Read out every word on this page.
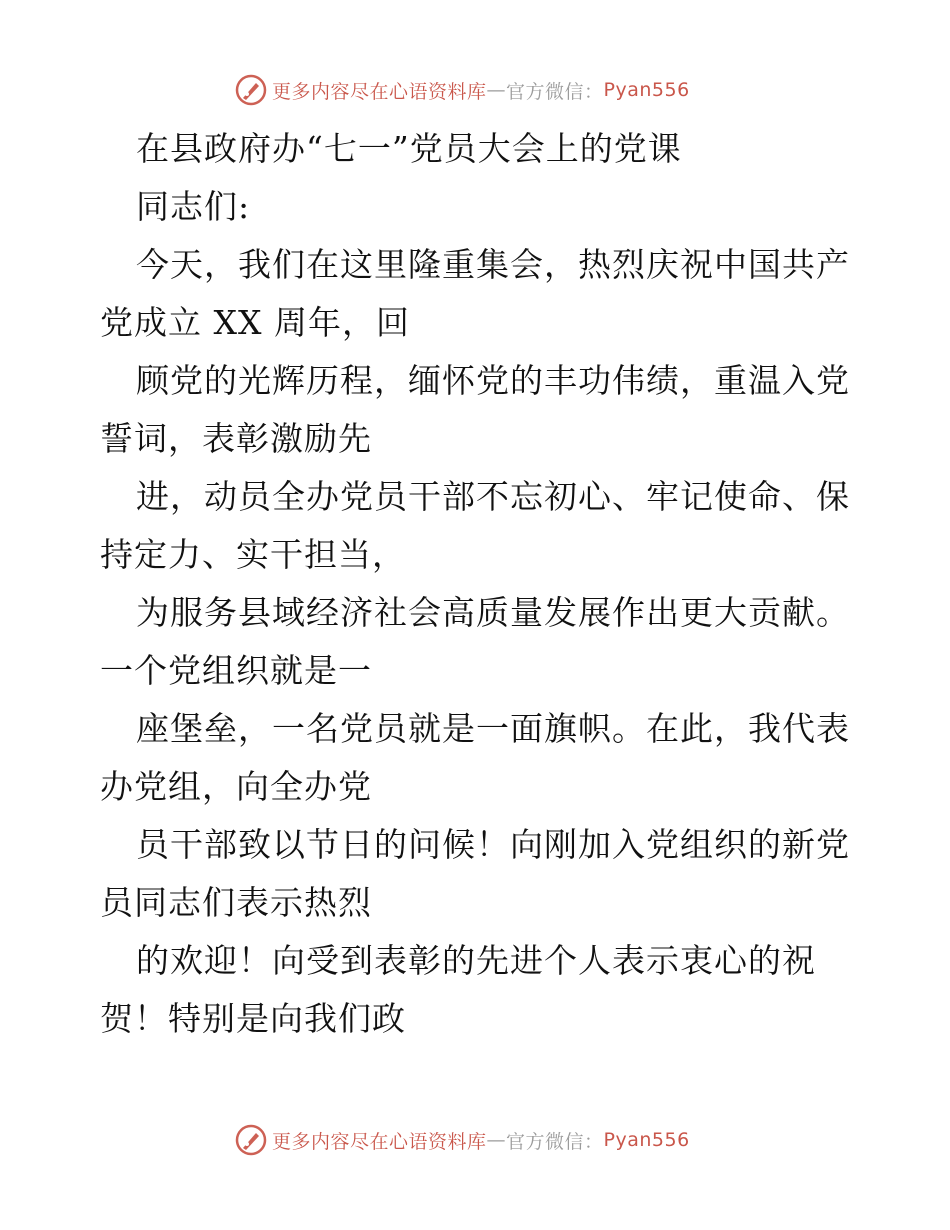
更多内容尽在心语资料库 — 官方微信： Pyan556
在县政府办“七一”党员大会上的党课
同志们:
今天，我们在这里隆重集会，热烈庆祝中国共产
党成立 XX 周年，回
顾党的光辉历程，缅怀党的丰功伟绩，重温入党
誓词，表彰激励先
进，动员全办党员干部不忘初心、牢记使命、保
持定力、实干担当，
为服务县域经济社会高质量发展作出更大贡献。
一个党组织就是一
座堡垒，一名党员就是一面旗帜。在此，我代表
办党组，向全办党
员干部致以节日的问候！向刚加入党组织的新党
员同志们表示热烈
的欢迎！向受到表彰的先进个人表示衷心的祝
贺！特别是向我们政
更多内容尽在心语资料库 — 官方微信： Pyan556
